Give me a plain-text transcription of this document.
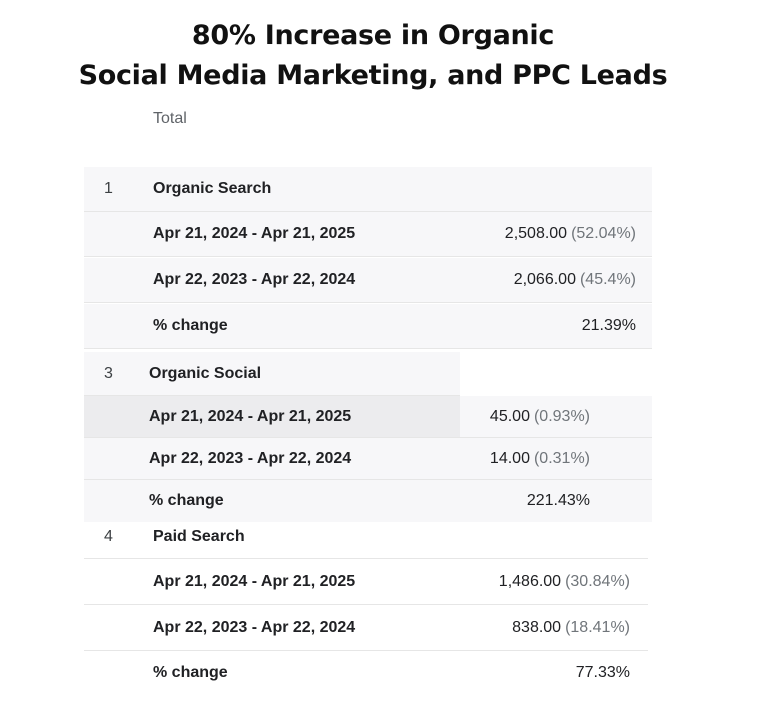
80% Increase in Organic
Social Media Marketing, and PPC Leads
Total
1	Organic Search
Apr 21, 2024 - Apr 21, 2025	2,508.00 (52.04%)
Apr 22, 2023 - Apr 22, 2024	2,066.00 (45.4%)
% change	21.39%
3 Organic Social
Apr 21, 2024 - Apr 21, 2025	45.00 (0.93%)
Apr 22, 2023 - Apr 22, 2024	14.00 (0.31%)
% change	221.43%
4	Paid Search
Apr 21, 2024 - Apr 21, 2025	1,486.00 (30.84%)
Apr 22, 2023 - Apr 22, 2024	838.00 (18.41%)
% change	77.33%
